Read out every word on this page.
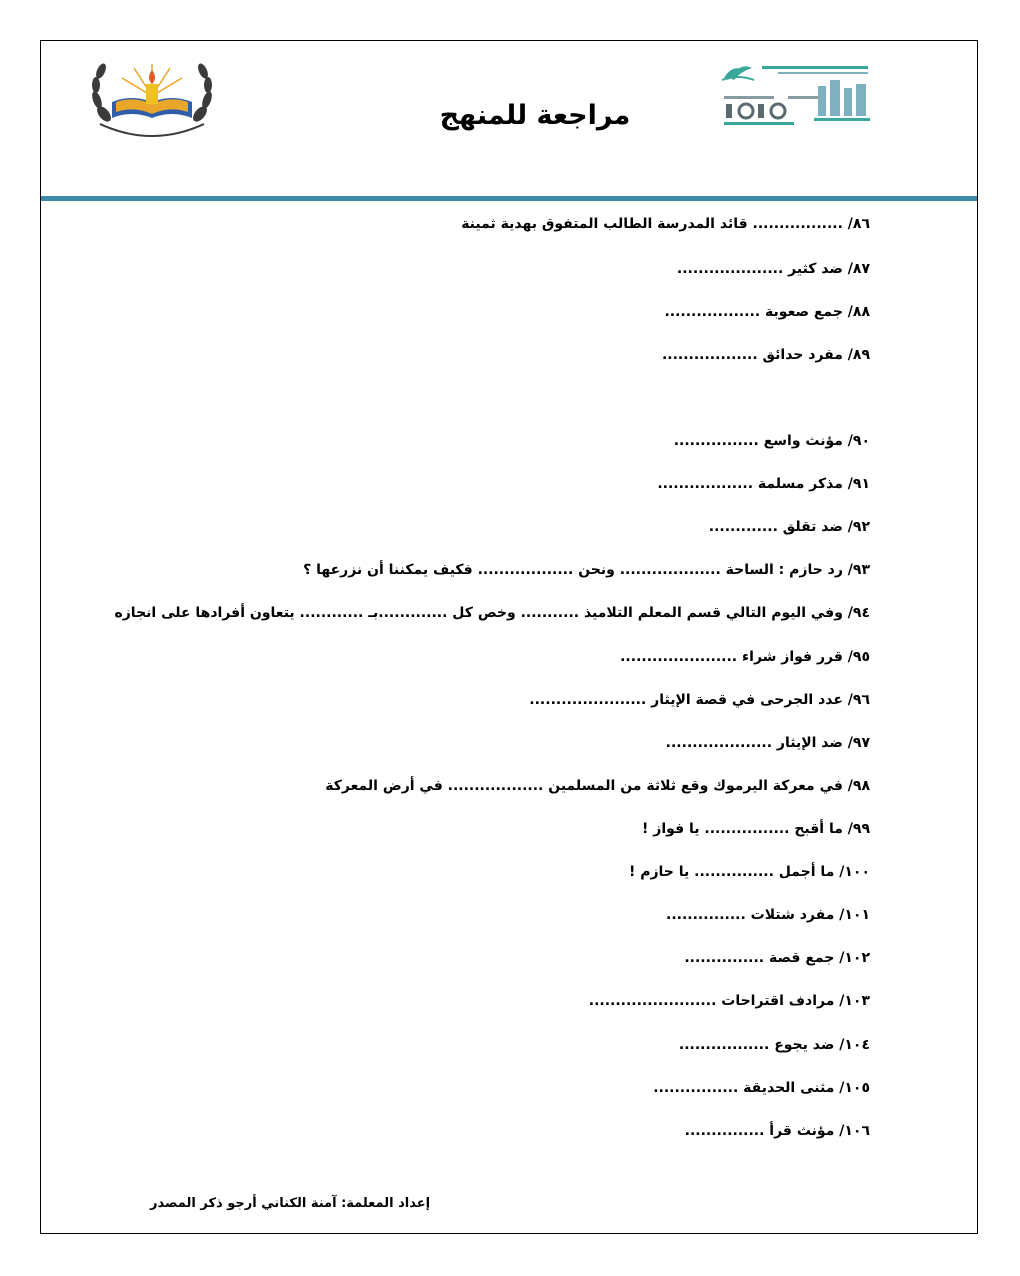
مراجعة للمنهج
٨٦/ ................. قائد المدرسة الطالب المتفوق بهدية ثمينة
٨٧/ ضد كثير ....................
٨٨/ جمع صعوبة ..................
٨٩/ مفرد حدائق ..................
٩٠/ مؤنث واسع ................
٩١/ مذكر مسلمة ..................
٩٢/ ضد تقلق .............
٩٣/ رد حازم : الساحة ................... ونحن .................. فكيف يمكننا أن نزرعها ؟
٩٤/ وفي اليوم التالي قسم المعلم التلاميذ ........... وخص كل .............بـ ............ يتعاون أفرادها على انجازه
٩٥/ قرر فواز شراء ......................
٩٦/ عدد الجرحى في قصة الإيثار ......................
٩٧/ ضد الإيثار ....................
٩٨/ في معركة اليرموك وقع ثلاثة من المسلمين .................. في أرض المعركة
٩٩/ ما أقبح ................ يا فواز !
١٠٠/ ما أجمل ............... يا حازم !
١٠١/ مفرد شتلات ...............
١٠٢/ جمع قصة ...............
١٠٣/ مرادف اقتراحات ........................
١٠٤/ ضد يجوع .................
١٠٥/ مثنى الحديقة ................
١٠٦/ مؤنث قرأ ...............
إعداد المعلمة: آمنة الكناني أرجو ذكر المصدر
